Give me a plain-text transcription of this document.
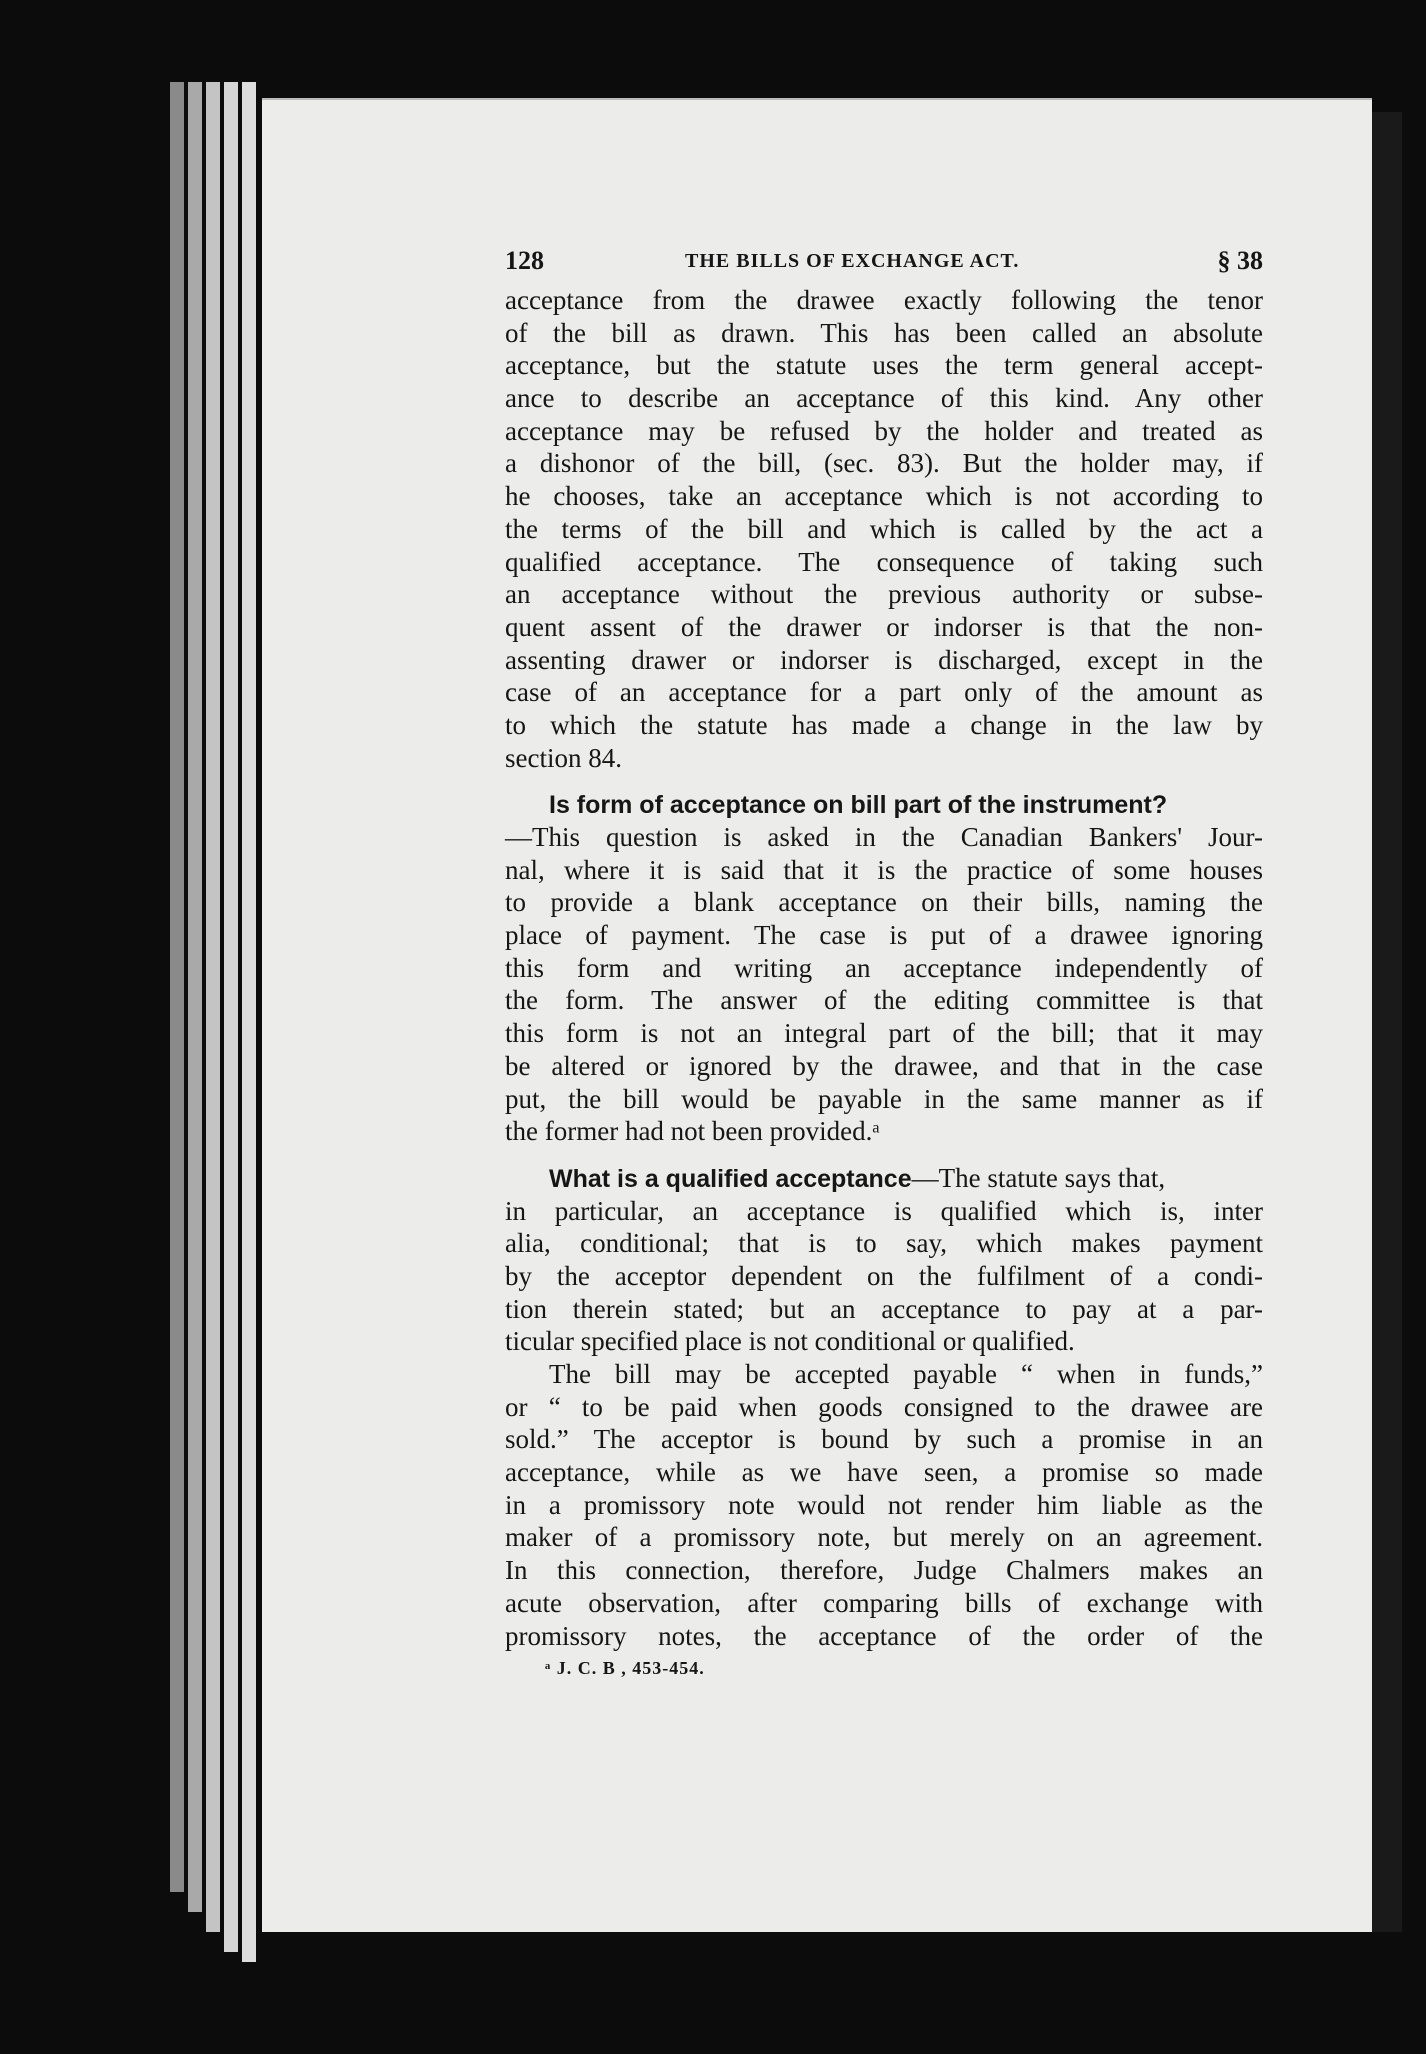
128	THE BILLS OF EXCHANGE ACT.	§ 38
acceptance from the drawee exactly following the tenor
of the bill as drawn. This has been called an absolute
acceptance, but the statute uses the term general accept-
ance to describe an acceptance of this kind. Any other
acceptance may be refused by the holder and treated as
a dishonor of the bill, (sec. 83). But the holder may, if
he chooses, take an acceptance which is not according to
the terms of the bill and which is called by the act a
qualified acceptance. The consequence of taking such
an acceptance without the previous authority or subse-
quent assent of the drawer or indorser is that the non-
assenting drawer or indorser is discharged, except in the
case of an acceptance for a part only of the amount as
to which the statute has made a change in the law by
section 84.
Is form of acceptance on bill part of the instrument?
—This question is asked in the Canadian Bankers' Jour-
nal, where it is said that it is the practice of some houses
to provide a blank acceptance on their bills, naming the
place of payment. The case is put of a drawee ignoring
this form and writing an acceptance independently of
the form. The answer of the editing committee is that
this form is not an integral part of the bill; that it may
be altered or ignored by the drawee, and that in the case
put, the bill would be payable in the same manner as if
the former had not been provided.ᵃ
What is a qualified acceptance—The statute says that,
in particular, an acceptance is qualified which is, inter
alia, conditional; that is to say, which makes payment
by the acceptor dependent on the fulfilment of a condi-
tion therein stated; but an acceptance to pay at a par-
ticular specified place is not conditional or qualified.
The bill may be accepted payable “ when in funds,”
or “ to be paid when goods consigned to the drawee are
sold.” The acceptor is bound by such a promise in an
acceptance, while as we have seen, a promise so made
in a promissory note would not render him liable as the
maker of a promissory note, but merely on an agreement.
In this connection, therefore, Judge Chalmers makes an
acute observation, after comparing bills of exchange with
promissory notes, the acceptance of the order of the
ᵃ J. C. B , 453-454.
